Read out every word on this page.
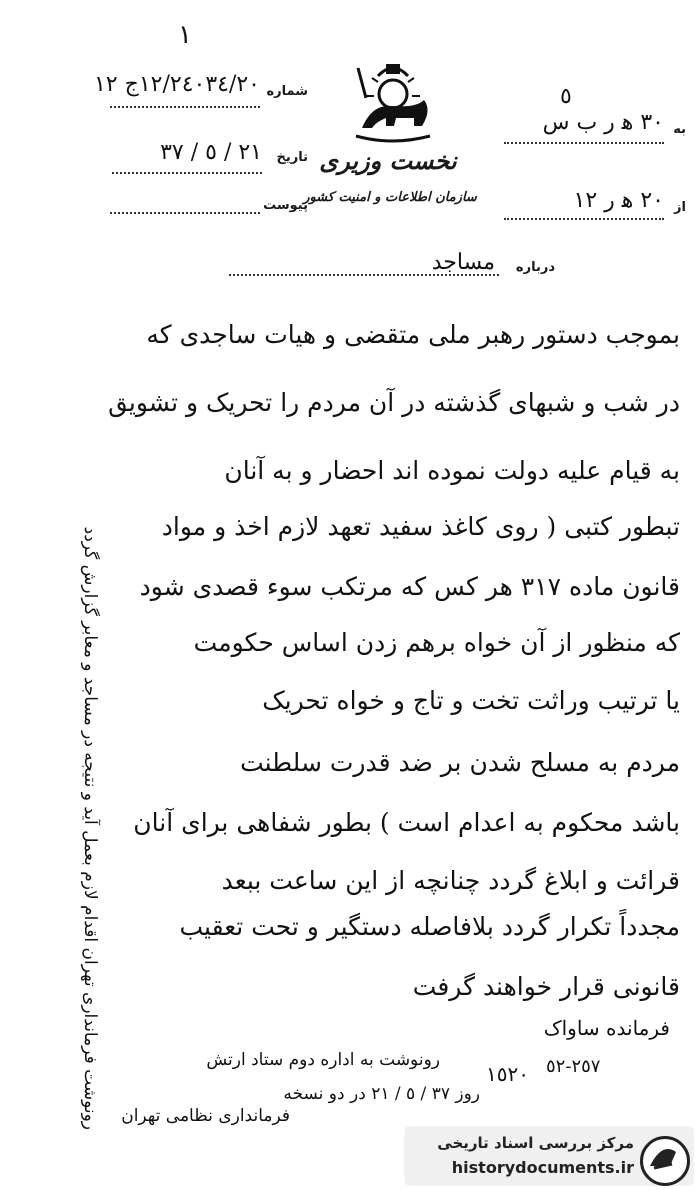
١
شماره
١٢/٢٤٠٣٤/٢٠ج ١٢
تاریخ
٢١ / ٥ / ٣٧
پیوست
نخست وزیری
سازمان اطلاعات و امنیت کشور
به
٣٠ ه‍ ر ب س
٥
از
٢٠ ه‍ ر ١٢
درباره
مساجد
بموجب دستور رهبر ملی متقضی و هیات ساجدی که
در شب و شبهای گذشته در آن مردم را تحریک و تشویق
به قیام علیه دولت نموده اند احضار و به آنان
تبطور کتبی ( روی کاغذ سفید تعهد لازم اخذ و مواد
قانون ماده ٣١٧ هر کس که مرتکب سوء قصدی شود
که منظور از آن خواه برهم زدن اساس حکومت
یا ترتیب وراثت تخت و تاج و خواه تحریک
مردم به مسلح شدن بر ضد قدرت سلطنت
باشد محکوم به اعدام است ) بطور شفاهی برای آنان
قرائت و ابلاغ گردد چنانچه از این ساعت ببعد
مجدداً تکرار گردد بلافاصله دستگیر و تحت تعقیب
قانونی قرار خواهند گرفت
فرمانده ساواک
١٥٢٠ ٢٥٧-٥٢
روز ٣٧ / ٥ / ٢١ در دو نسخه
رونوشت به اداره دوم ستاد ارتش
فرمانداری نظامی تهران
رونوشت فرمانداری تهران اقدام لازم بعمل آید و نتیجه در مساجد و معابر گزارش گردد
مرکز بررسی اسناد تاریخی
historydocuments.ir
